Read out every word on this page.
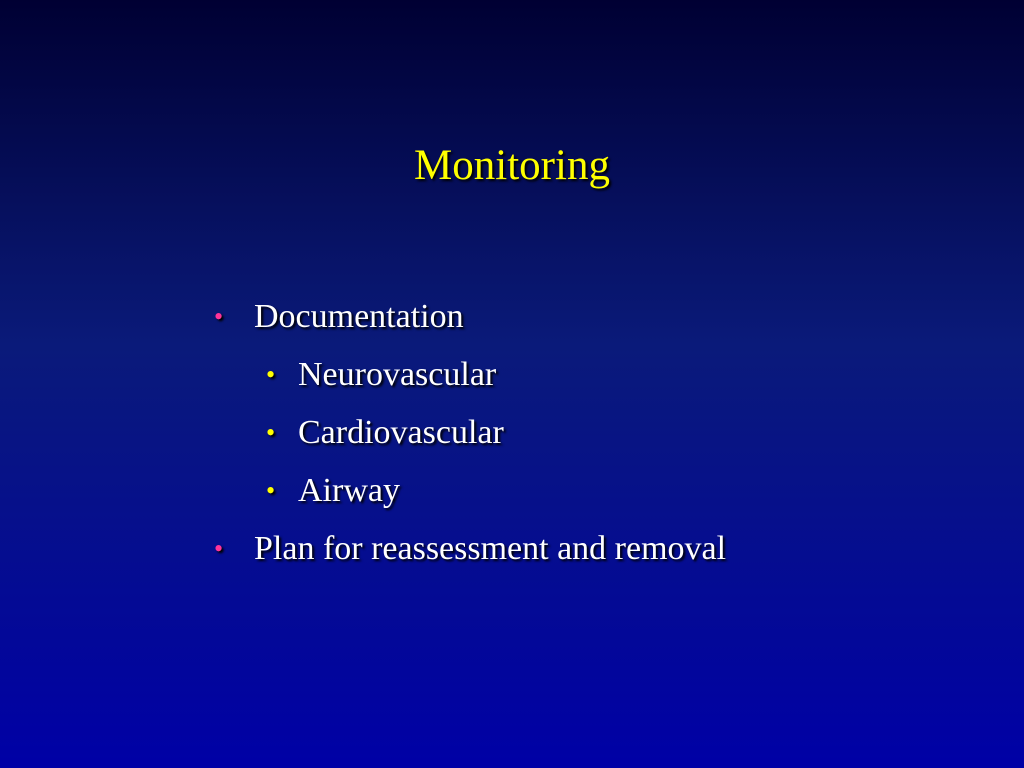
Monitoring
• Documentation
• Neurovascular
• Cardiovascular
• Airway
• Plan for reassessment and removal
